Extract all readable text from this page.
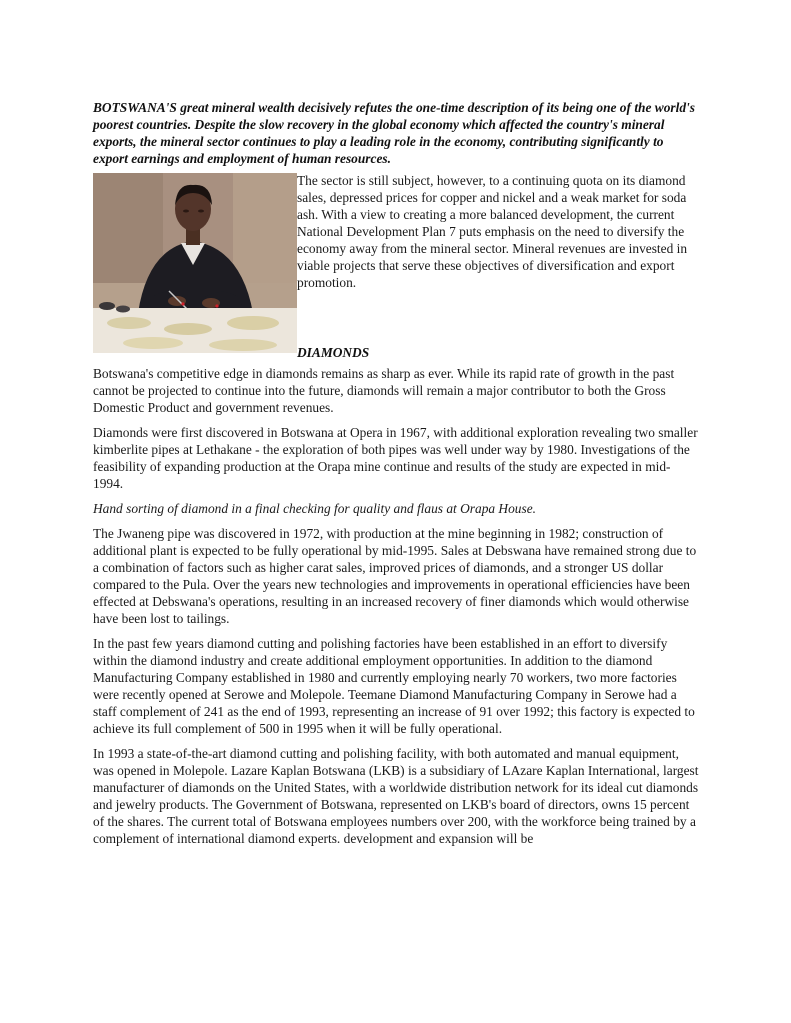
BOTSWANA'S great mineral wealth decisively refutes the one-time description of its being one of the world's poorest countries. Despite the slow recovery in the global economy which affected the country's mineral exports, the mineral sector continues to play a leading role in the economy, contributing significantly to export earnings and employment of human resources.

The sector is still subject, however, to a continuing quota on its diamond sales, depressed prices for copper and nickel and a weak market for soda ash. With a view to creating a more balanced development, the current National Development Plan 7 puts emphasis on the need to diversify the economy away from the mineral sector. Mineral revenues are invested in viable projects that serve these objectives of diversification and export promotion.

DIAMONDS

Botswana's competitive edge in diamonds remains as sharp as ever. While its rapid rate of growth in the past cannot be projected to continue into the future, diamonds will remain a major contributor to both the Gross Domestic Product and government revenues.

Diamonds were first discovered in Botswana at Opera in 1967, with additional exploration revealing two smaller kimberlite pipes at Lethakane - the exploration of both pipes was well under way by 1980. Investigations of the feasibility of expanding production at the Orapa mine continue and results of the study are expected in mid-1994.

Hand sorting of diamond in a final checking for quality and flaus at Orapa House.

The Jwaneng pipe was discovered in 1972, with production at the mine beginning in 1982; construction of additional plant is expected to be fully operational by mid-1995. Sales at Debswana have remained strong due to a combination of factors such as higher carat sales, improved prices of diamonds, and a stronger US dollar compared to the Pula. Over the years new technologies and improvements in operational efficiencies have been effected at Debswana's operations, resulting in an increased recovery of finer diamonds which would otherwise have been lost to tailings.

In the past few years diamond cutting and polishing factories have been established in an effort to diversify within the diamond industry and create additional employment opportunities. In addition to the diamond Manufacturing Company established in 1980 and currently employing nearly 70 workers, two more factories were recently opened at Serowe and Molepole. Teemane Diamond Manufacturing Company in Serowe had a staff complement of 241 as the end of 1993, representing an increase of 91 over 1992; this factory is expected to achieve its full complement of 500 in 1995 when it will be fully operational.

In 1993 a state-of-the-art diamond cutting and polishing facility, with both automated and manual equipment, was opened in Molepole. Lazare Kaplan Botswana (LKB) is a subsidiary of LAzare Kaplan International, largest manufacturer of diamonds on the United States, with a worldwide distribution network for its ideal cut diamonds and jewelry products. The Government of Botswana, represented on LKB's board of directors, owns 15 percent of the shares. The current total of Botswana employees numbers over 200, with the workforce being trained by a complement of international diamond experts. development and expansion will be
